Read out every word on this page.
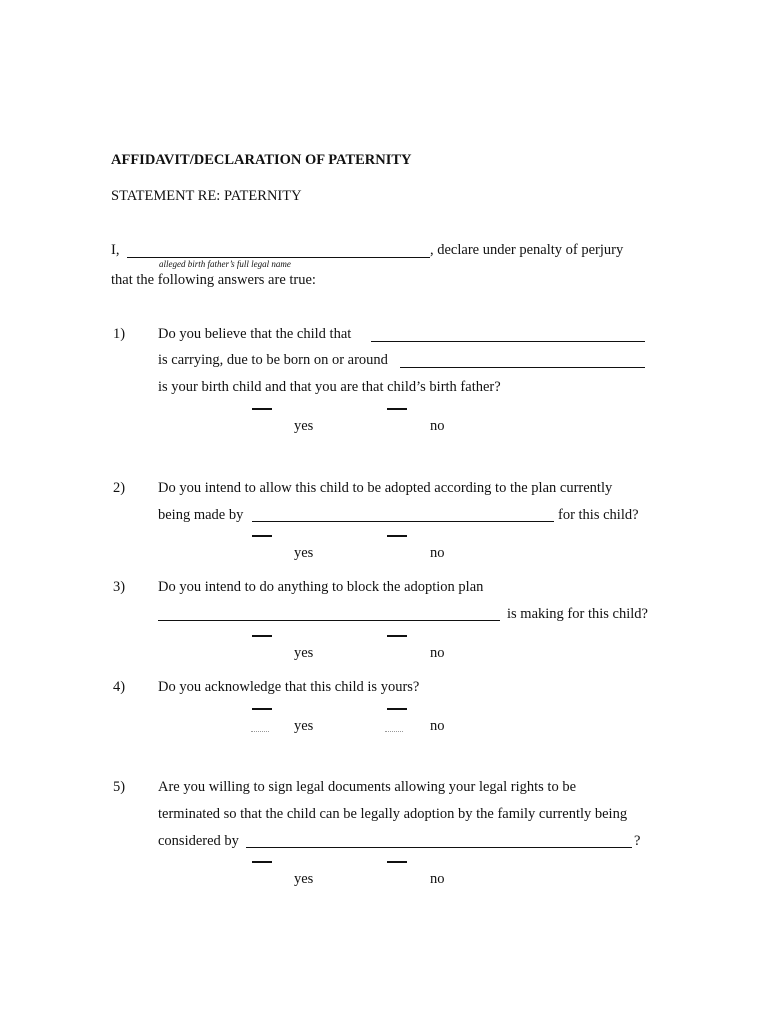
AFFIDAVIT/DECLARATION OF PATERNITY
STATEMENT RE: PATERNITY
I,	, declare under penalty of perjury
alleged birth father’s full legal name
that the following answers are true:
1) Do you believe that the child that
is carrying, due to be born on or around
is your birth child and that you are that child’s birth father?
yes	no
2) Do you intend to allow this child to be adopted according to the plan currently
being made by	for this child?
yes	no
3) Do you intend to do anything to block the adoption plan
is making for this child?
yes	no
4) Do you acknowledge that this child is yours?
yes	no
5) Are you willing to sign legal documents allowing your legal rights to be
terminated so that the child can be legally adoption by the family currently being
considered by	?
yes	no
